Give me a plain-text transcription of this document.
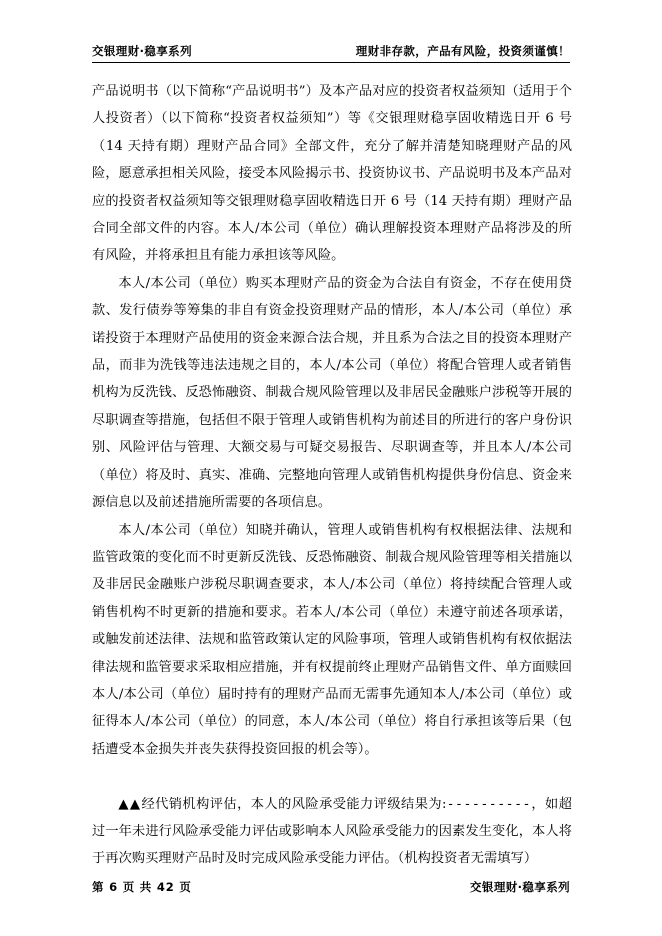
交银理财·稳享系列	理财非存款，产品有风险，投资须谨慎！

产品说明书（以下简称“产品说明书”）及本产品对应的投资者权益须知（适用于个人投资者）（以下简称“投资者权益须知”）等《交银理财稳享固收精选日开 6 号（14 天持有期）理财产品合同》全部文件，充分了解并清楚知晓理财产品的风险，愿意承担相关风险，接受本风险揭示书、投资协议书、产品说明书及本产品对应的投资者权益须知等交银理财稳享固收精选日开 6 号（14 天持有期）理财产品合同全部文件的内容。本人/本公司（单位）确认理解投资本理财产品将涉及的所有风险，并将承担且有能力承担该等风险。

本人/本公司（单位）购买本理财产品的资金为合法自有资金，不存在使用贷款、发行债券等筹集的非自有资金投资理财产品的情形，本人/本公司（单位）承诺投资于本理财产品使用的资金来源合法合规，并且系为合法之目的投资本理财产品，而非为洗钱等违法违规之目的，本人/本公司（单位）将配合管理人或者销售机构为反洗钱、反恐怖融资、制裁合规风险管理以及非居民金融账户涉税等开展的尽职调查等措施，包括但不限于管理人或销售机构为前述目的所进行的客户身份识别、风险评估与管理、大额交易与可疑交易报告、尽职调查等，并且本人/本公司（单位）将及时、真实、准确、完整地向管理人或销售机构提供身份信息、资金来源信息以及前述措施所需要的各项信息。

本人/本公司（单位）知晓并确认，管理人或销售机构有权根据法律、法规和监管政策的变化而不时更新反洗钱、反恐怖融资、制裁合规风险管理等相关措施以及非居民金融账户涉税尽职调查要求，本人/本公司（单位）将持续配合管理人或销售机构不时更新的措施和要求。若本人/本公司（单位）未遵守前述各项承诺，或触发前述法律、法规和监管政策认定的风险事项，管理人或销售机构有权依据法律法规和监管要求采取相应措施，并有权提前终止理财产品销售文件、单方面赎回本人/本公司（单位）届时持有的理财产品而无需事先通知本人/本公司（单位）或征得本人/本公司（单位）的同意，本人/本公司（单位）将自行承担该等后果（包括遭受本金损失并丧失获得投资回报的机会等）。

▲▲经代销机构评估，本人的风险承受能力评级结果为:----------，如超过一年未进行风险承受能力评估或影响本人风险承受能力的因素发生变化，本人将于再次购买理财产品时及时完成风险承受能力评估。（机构投资者无需填写）

第 6 页 共 42 页	交银理财·稳享系列
